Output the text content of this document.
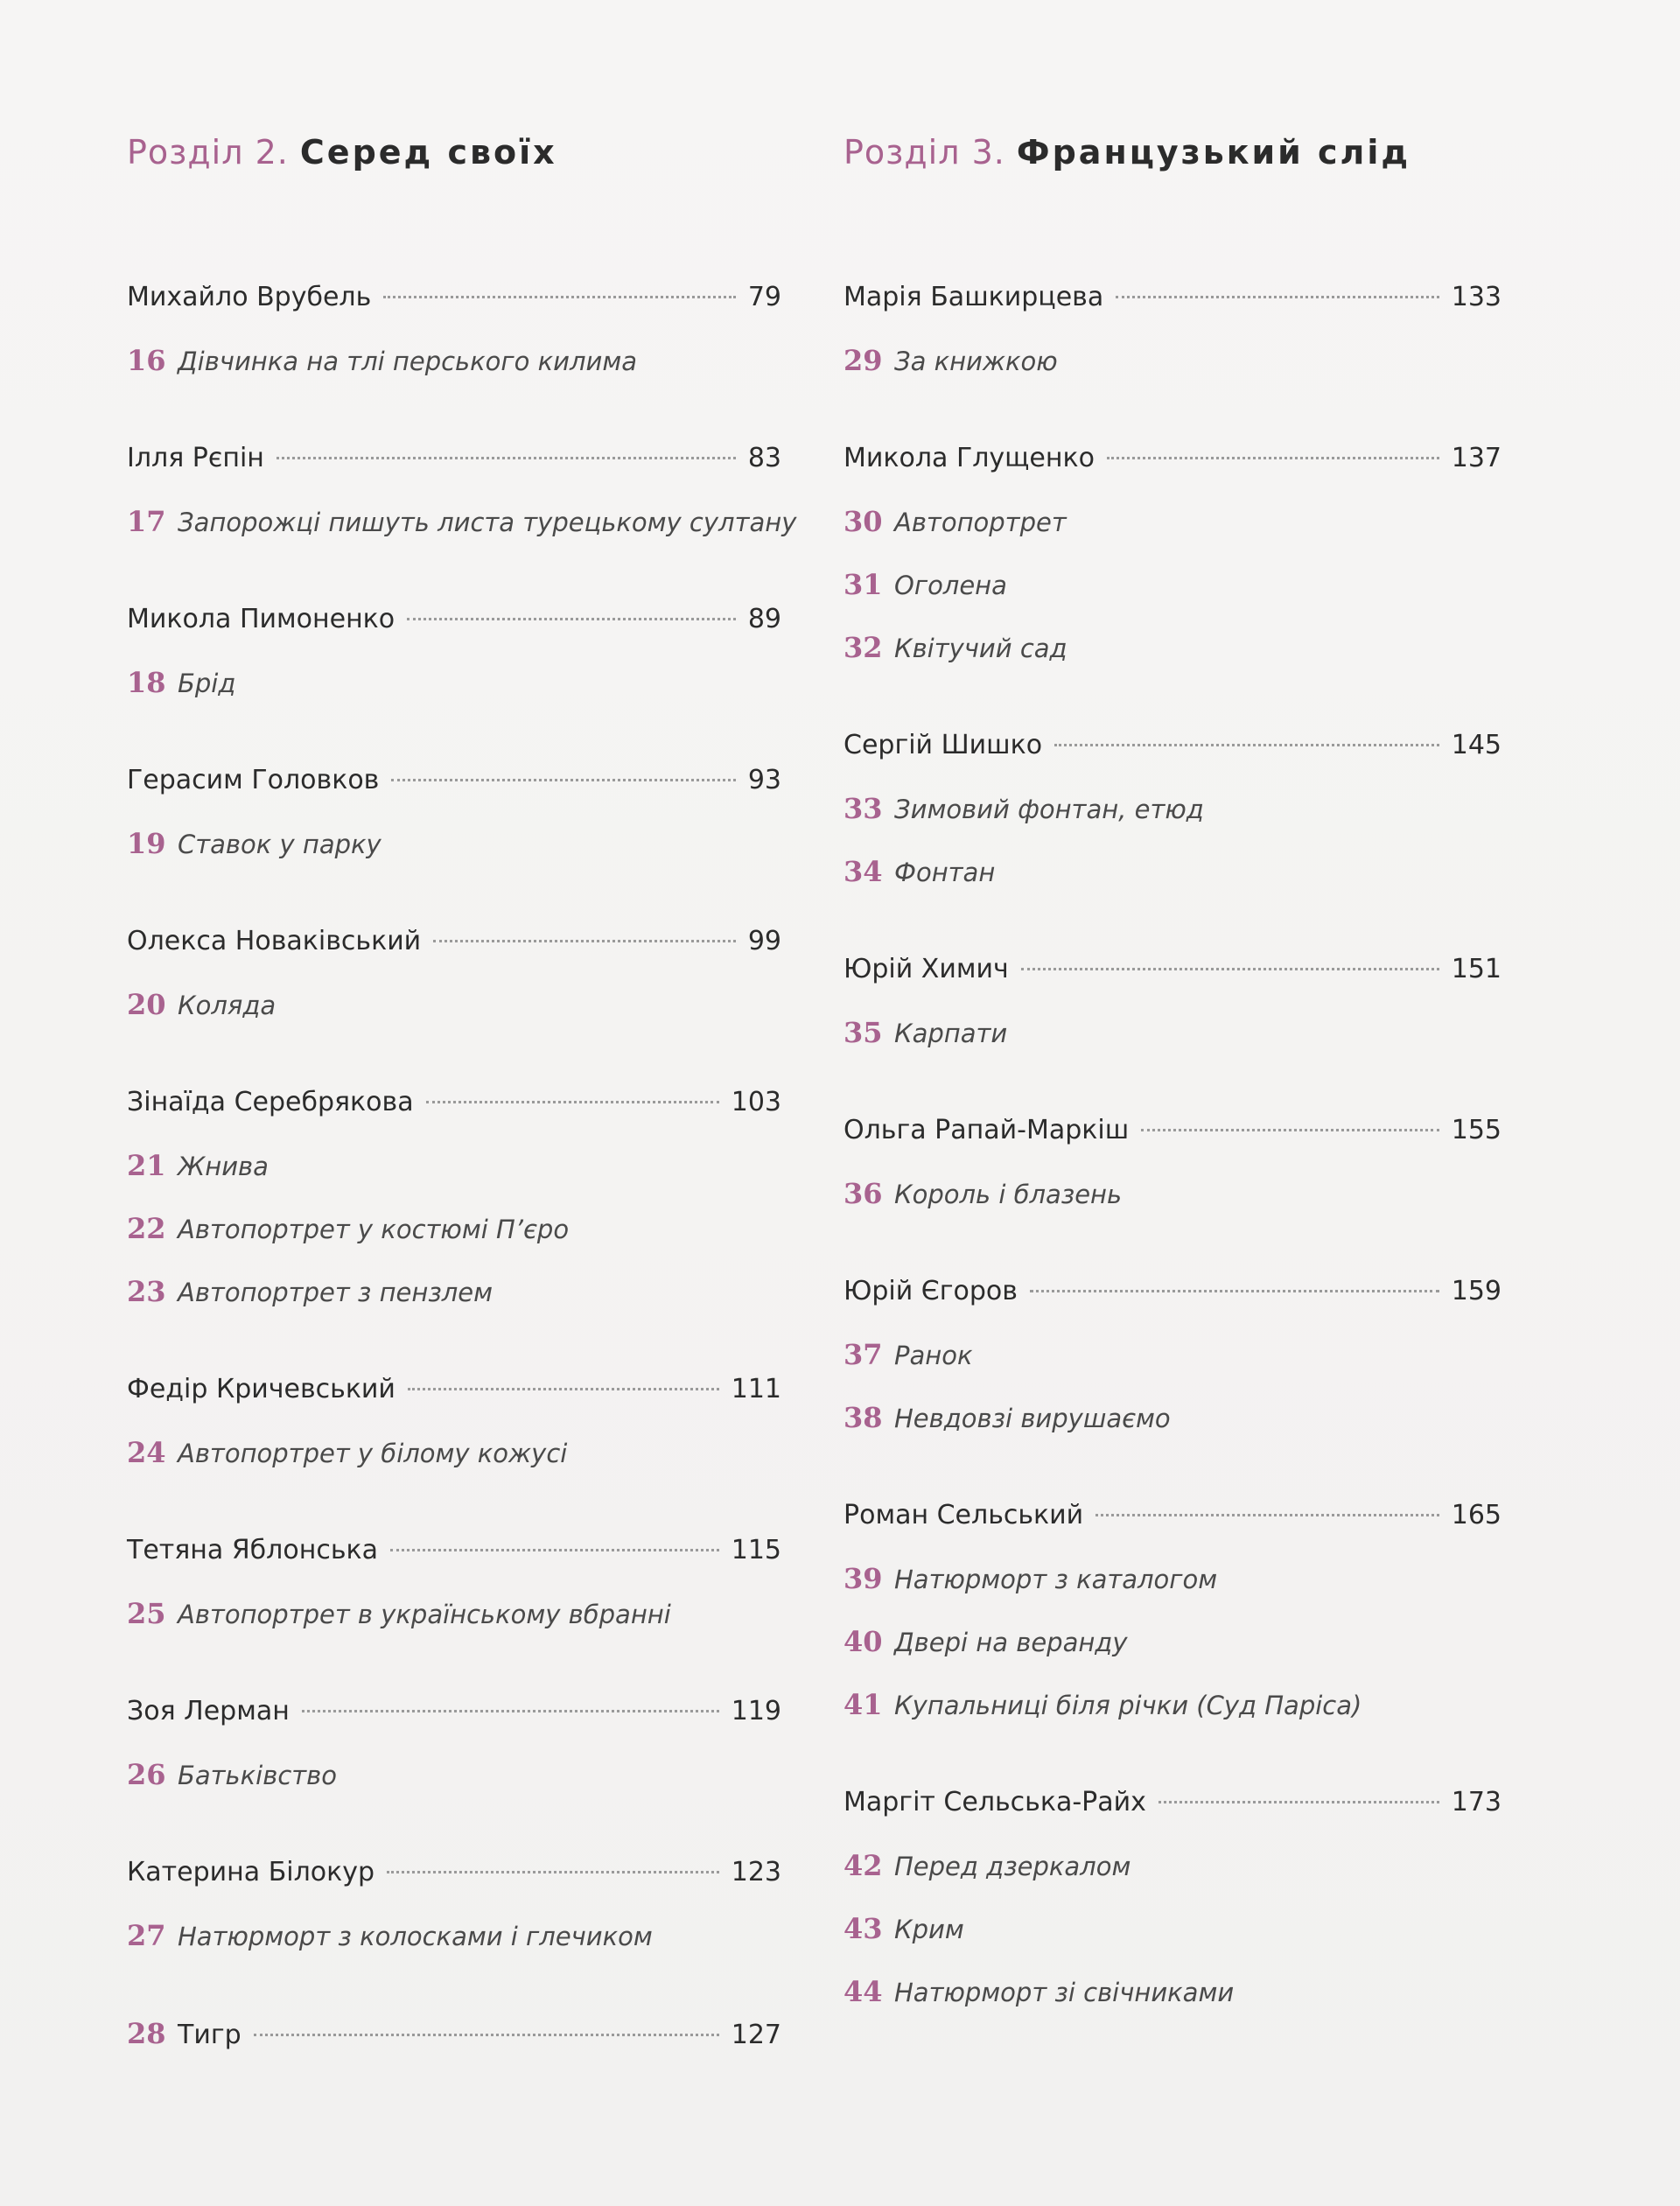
Розділ 2. Серед своїх
Михайло Врубель	79
16 Дівчинка на тлі перського килима
Ілля Рєпін	83
17 Запорожці пишуть листа турецькому султану
Микола Пимоненко	89
18 Брід
Герасим Головков	93
19 Ставок у парку
Олекса Новаківський	99
20 Коляда
Зінаїда Серебрякова	103
21 Жнива
22 Автопортрет у костюмі П’єро
23 Автопортрет з пензлем
Федір Кричевський	111
24 Автопортрет у білому кожусі
Тетяна Яблонська	115
25 Автопортрет в українському вбранні
Зоя Лерман	119
26 Батьківство
Катерина Білокур	123
27 Натюрморт з колосками і глечиком
28 Тигр	127
Розділ 3. Французький слід
Марія Башкирцева	133
29 За книжкою
Микола Глущенко	137
30 Автопортрет
31 Оголена
32 Квітучий сад
Сергій Шишко	145
33 Зимовий фонтан, етюд
34 Фонтан
Юрій Химич	151
35 Карпати
Ольга Рапай-Маркіш	155
36 Король і блазень
Юрій Єгоров	159
37 Ранок
38 Невдовзі вирушаємо
Роман Сельський	165
39 Натюрморт з каталогом
40 Двері на веранду
41 Купальниці біля річки (Суд Паріса)
Маргіт Сельська-Райх	173
42 Перед дзеркалом
43 Крим
44 Натюрморт зі свічниками
